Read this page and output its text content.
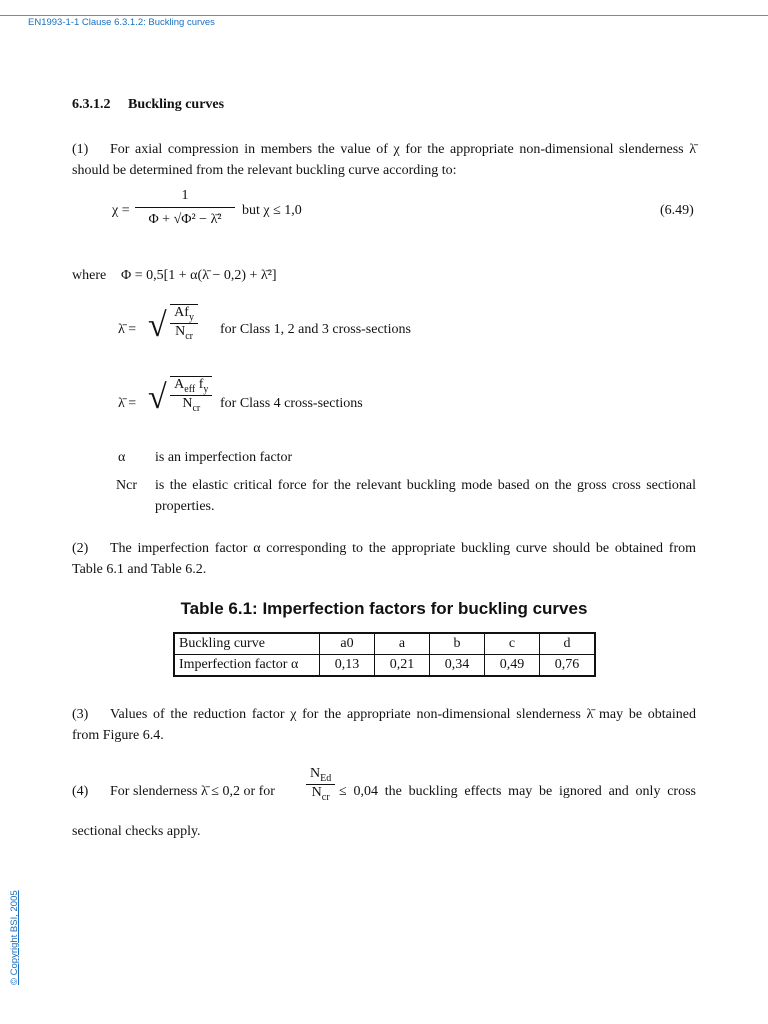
EN1993-1-1 Clause 6.3.1.2: Buckling curves
© Copyright BSI, 2005
6.3.1.2 Buckling curves
(1) For axial compression in members the value of χ for the appropriate non-dimensional slenderness λ̄
should be determined from the relevant buckling curve according to:
$\chi = \frac{1}{\text{Φ + √Φ² − λ̄²}}$ but χ ≤ 1,0	(6.49)
where Φ = 0,5[1 + α(λ̄ − 0,2) + λ̄²]
λ̄ = √ $\frac{Af_y}{N_{cr}}$ for Class 1, 2 and 3 cross-sections
λ̄ = √ $\frac{A_{eff} f_y}{N_{cr}}$ for Class 4 cross-sections
α is an imperfection factor
Ncr is the elastic critical force for the relevant buckling mode based on the gross cross sectional
properties.
(2) The imperfection factor α corresponding to the appropriate buckling curve should be obtained from
Table 6.1 and Table 6.2.
Table 6.1: Imperfection factors for buckling curves
Buckling curve	a0	a	b	c	d
Imperfection factor α	0,13	0,21	0,34	0,49	0,76
(3) Values of the reduction factor χ for the appropriate non-dimensional slenderness λ̄ may be obtained
from Figure 6.4.
(4) For slenderness λ̄ ≤ 0,2 or for $\frac{N_{Ed}}{N_{cr}} \le 0,04$ the buckling effects may be ignored and only cross
sectional checks apply.
